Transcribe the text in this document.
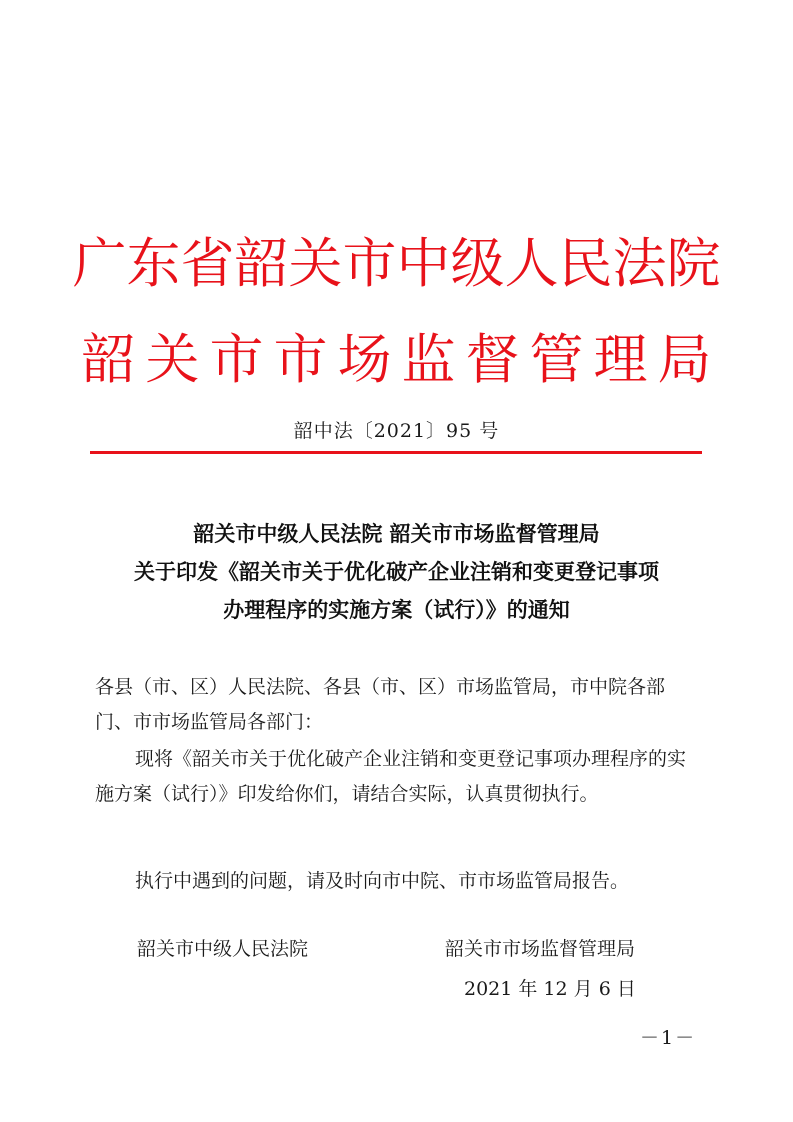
广东省韶关市中级人民法院
韶关市市场监督管理局
韶中法〔2021〕95 号
韶关市中级人民法院 韶关市市场监督管理局
关于印发《韶关市关于优化破产企业注销和变更登记事项
办理程序的实施方案（试行）》的通知
各县（市、区）人民法院、各县（市、区）市场监管局，市中院各部门、市市场监管局各部门：
现将《韶关市关于优化破产企业注销和变更登记事项办理程序的实施方案（试行）》印发给你们，请结合实际，认真贯彻执行。
执行中遇到的问题，请及时向市中院、市市场监管局报告。
韶关市中级人民法院	韶关市市场监督管理局
2021 年 12 月 6 日
－1－
